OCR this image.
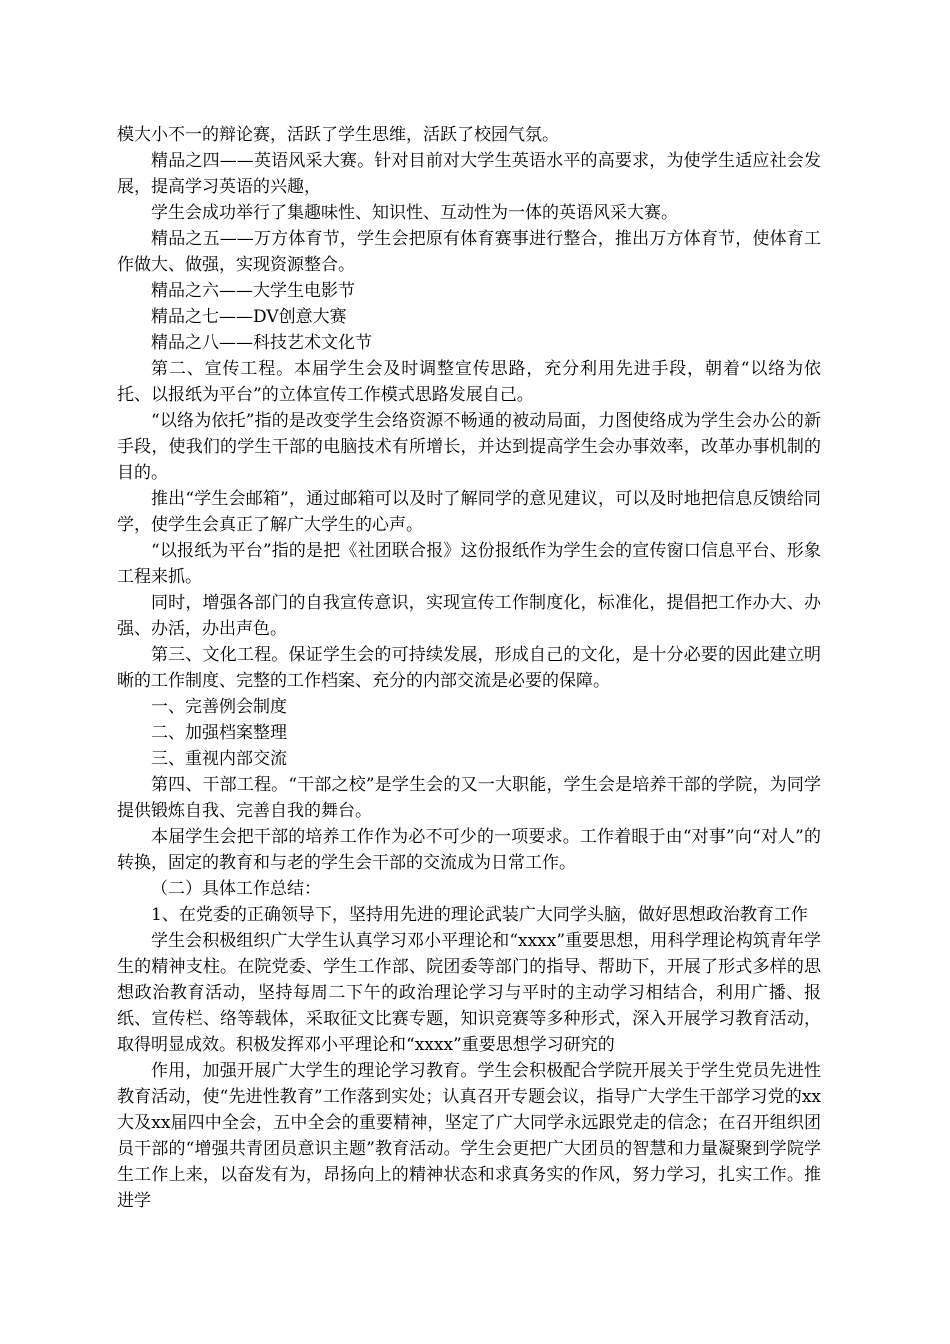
模大小不一的辩论赛，活跃了学生思维，活跃了校园气氛。

精品之四——英语风采大赛。针对目前对大学生英语水平的高要求，为使学生适应社会发展，提高学习英语的兴趣，

学生会成功举行了集趣味性、知识性、互动性为一体的英语风采大赛。

精品之五——万方体育节，学生会把原有体育赛事进行整合，推出万方体育节，使体育工作做大、做强，实现资源整合。

精品之六——大学生电影节

精品之七——DV创意大赛

精品之八——科技艺术文化节

第二、宣传工程。本届学生会及时调整宣传思路，充分利用先进手段，朝着“以络为依托、以报纸为平台”的立体宣传工作模式思路发展自己。

“以络为依托”指的是改变学生会络资源不畅通的被动局面，力图使络成为学生会办公的新手段，使我们的学生干部的电脑技术有所增长，并达到提高学生会办事效率，改革办事机制的目的。

推出“学生会邮箱”，通过邮箱可以及时了解同学的意见建议，可以及时地把信息反馈给同学，使学生会真正了解广大学生的心声。

“以报纸为平台”指的是把《社团联合报》这份报纸作为学生会的宣传窗口信息平台、形象工程来抓。

同时，增强各部门的自我宣传意识，实现宣传工作制度化，标准化，提倡把工作办大、办强、办活，办出声色。

第三、文化工程。保证学生会的可持续发展，形成自己的文化，是十分必要的因此建立明晰的工作制度、完整的工作档案、充分的内部交流是必要的保障。

一、完善例会制度

二、加强档案整理

三、重视内部交流

第四、干部工程。“干部之校”是学生会的又一大职能，学生会是培养干部的学院，为同学提供锻炼自我、完善自我的舞台。

本届学生会把干部的培养工作作为必不可少的一项要求。工作着眼于由“对事”向“对人”的转换，固定的教育和与老的学生会干部的交流成为日常工作。

（二）具体工作总结：

1、在党委的正确领导下，坚持用先进的理论武装广大同学头脑，做好思想政治教育工作

学生会积极组织广大学生认真学习邓小平理论和“xxxx”重要思想，用科学理论构筑青年学生的精神支柱。在院党委、学生工作部、院团委等部门的指导、帮助下，开展了形式多样的思想政治教育活动，坚持每周二下午的政治理论学习与平时的主动学习相结合，利用广播、报纸、宣传栏、络等载体，采取征文比赛专题，知识竞赛等多种形式，深入开展学习教育活动，取得明显成效。积极发挥邓小平理论和“xxxx”重要思想学习研究的

作用，加强开展广大学生的理论学习教育。学生会积极配合学院开展关于学生党员先进性教育活动，使“先进性教育”工作落到实处；认真召开专题会议，指导广大学生干部学习党的xx大及xx届四中全会，五中全会的重要精神，坚定了广大同学永远跟党走的信念；在召开组织团员干部的“增强共青团员意识主题”教育活动。学生会更把广大团员的智慧和力量凝聚到学院学生工作上来，以奋发有为，昂扬向上的精神状态和求真务实的作风，努力学习，扎实工作。推进学
